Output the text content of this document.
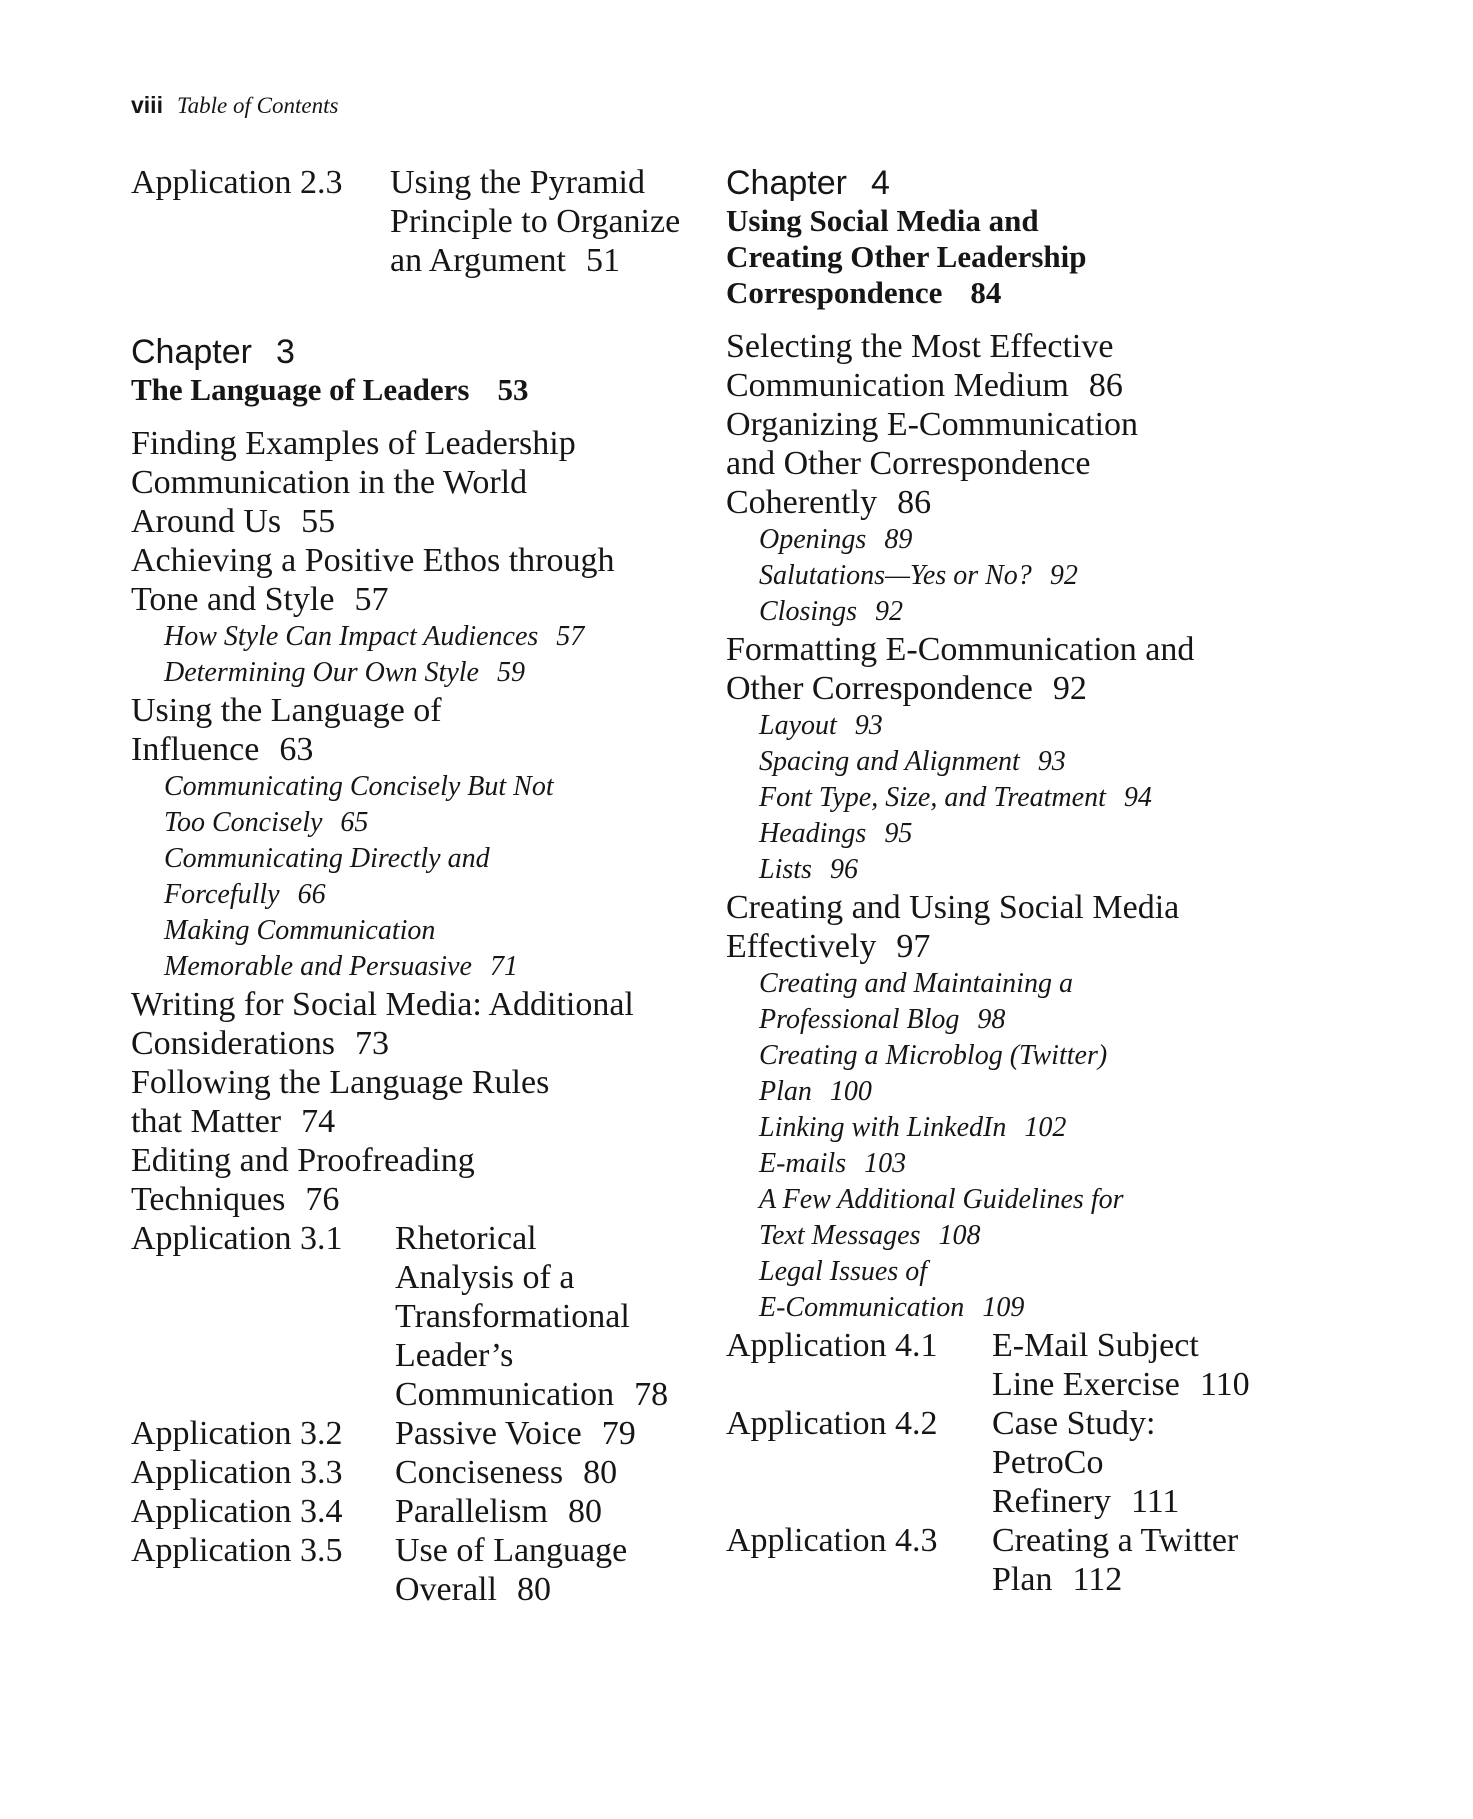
viii Table of Contents
Application 2.3	Using the Pyramid
Principle to Organize
an Argument 51
Chapter 3
The Language of Leaders 53
Finding Examples of Leadership
Communication in the World
Around Us 55
Achieving a Positive Ethos through
Tone and Style 57
How Style Can Impact Audiences 57
Determining Our Own Style 59
Using the Language of
Influence 63
Communicating Concisely But Not
Too Concisely 65
Communicating Directly and
Forcefully 66
Making Communication
Memorable and Persuasive 71
Writing for Social Media: Additional
Considerations 73
Following the Language Rules
that Matter 74
Editing and Proofreading
Techniques 76
Application 3.1	Rhetorical
Analysis of a
Transformational
Leader’s
Communication 78
Application 3.2	Passive Voice 79
Application 3.3	Conciseness 80
Application 3.4	Parallelism 80
Application 3.5	Use of Language
Overall 80
Chapter 4
Using Social Media and
Creating Other Leadership
Correspondence 84
Selecting the Most Effective
Communication Medium 86
Organizing E-Communication
and Other Correspondence
Coherently 86
Openings 89
Salutations—Yes or No? 92
Closings 92
Formatting E-Communication and
Other Correspondence 92
Layout 93
Spacing and Alignment 93
Font Type, Size, and Treatment 94
Headings 95
Lists 96
Creating and Using Social Media
Effectively 97
Creating and Maintaining a
Professional Blog 98
Creating a Microblog (Twitter)
Plan 100
Linking with LinkedIn 102
E-mails 103
A Few Additional Guidelines for
Text Messages 108
Legal Issues of
E-Communication 109
Application 4.1	E-Mail Subject
Line Exercise 110
Application 4.2	Case Study:
PetroCo
Refinery 111
Application 4.3	Creating a Twitter
Plan 112
